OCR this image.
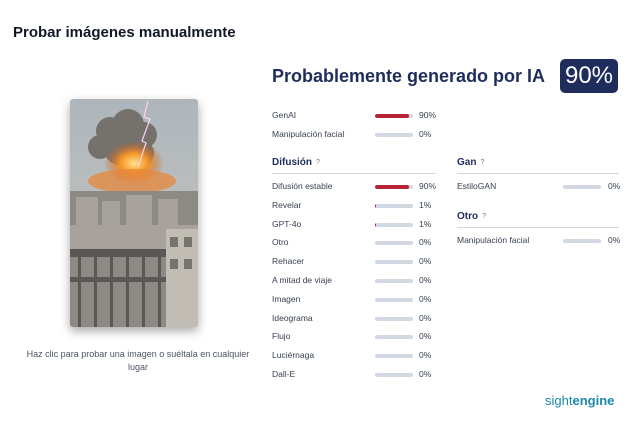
Probar imágenes manualmente
Haz clic para probar una imagen o suéltala en cualquier lugar
Probablemente generado por IA 90%
GenAI	90%
Manipulación facial	0%
Difusión ?
Difusión estable	90%
Revelar	1%
GPT-4o	1%
Otro	0%
Rehacer	0%
A mitad de viaje	0%
Imagen	0%
Ideograma	0%
Flujo	0%
Luciérnaga	0%
Dall-E	0%
Gan ?
EstiloGAN	0%
Otro ?
Manipulación facial	0%
sightengine
